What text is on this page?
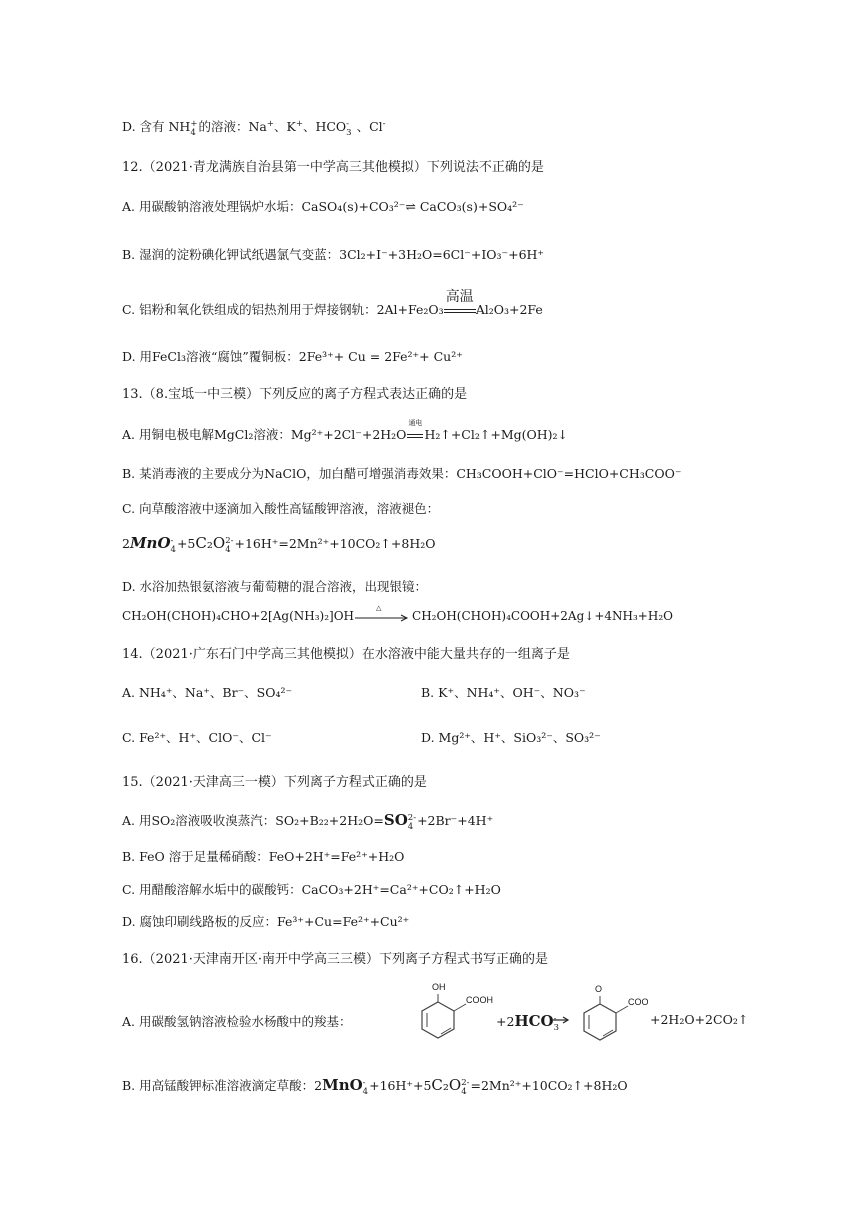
D. 含有 NH +
4 的溶液：Na+、K+、HCO -
3 、Cl-
12.（2021·青龙满族自治县第一中学高三其他模拟）下列说法不正确的是
A. 用碳酸钠溶液处理锅炉水垢：CaSO₄(s)+CO₃²⁻⇌ CaCO₃(s)+SO₄²⁻
B. 湿润的淀粉碘化钾试纸遇氯气变蓝：3Cl₂+I⁻+3H₂O=6Cl⁻+IO₃⁻+6H⁺
C. 铝粉和氧化铁组成的铝热剂用于焊接钢轨：2Al+Fe₂O₃
高温
Al₂O₃+2Fe
D. 用FeCl₃溶液“腐蚀”覆铜板：2Fe³⁺+ Cu = 2Fe²⁺+ Cu²⁺
13.（8.宝坻一中三模）下列反应的离子方程式表达正确的是
A. 用铜电极电解MgCl₂溶液：Mg²⁺+2Cl⁻+2H₂O
通电
H₂↑+Cl₂↑+Mg(OH)₂↓
B. 某消毒液的主要成分为NaClO，加白醋可增强消毒效果：CH₃COOH+ClO⁻=HClO+CH₃COO⁻
C. 向草酸溶液中逐滴加入酸性高锰酸钾溶液，溶液褪色：
2MnO -
4 +5C₂O 2-
4 +16H⁺=2Mn²⁺+10CO₂↑+8H₂O
D. 水浴加热银氨溶液与葡萄糖的混合溶液，出现银镜：
CH₂OH(CHOH)₄CHO+2[Ag(NH₃)₂]OH
△
CH₂OH(CHOH)₄COOH+2Ag↓+4NH₃+H₂O
14.（2021·广东石门中学高三其他模拟）在水溶液中能大量共存的一组离子是
A. NH₄⁺、Na⁺、Br⁻、SO₄²⁻	B. K⁺、NH₄⁺、OH⁻、NO₃⁻
C. Fe²⁺、H⁺、ClO⁻、Cl⁻	D. Mg²⁺、H⁺、SiO₃²⁻、SO₃²⁻
15.（2021·天津高三一模）下列离子方程式正确的是
A. 用SO₂溶液吸收溴蒸汽：SO₂+B₂₂+2H₂O=SO 2-
4 +2Br⁻+4H⁺
B. FeO 溶于足量稀硝酸：FeO+2H⁺=Fe²⁺+H₂O
C. 用醋酸溶解水垢中的碳酸钙：CaCO₃+2H⁺=Ca²⁺+CO₂↑+H₂O
D. 腐蚀印刷线路板的反应：Fe³⁺+Cu=Fe²⁺+Cu²⁺
16.（2021·天津南开区·南开中学高三三模）下列离子方程式书写正确的是
A. 用碳酸氢钠溶液检验水杨酸中的羧基：
OH
COOH
+2HCO -
3
O
COO
+2H₂O+2CO₂↑
B. 用高锰酸钾标准溶液滴定草酸：2MnO -
4 +16H⁺+5C₂O 2-
4 =2Mn²⁺+10CO₂↑+8H₂O
